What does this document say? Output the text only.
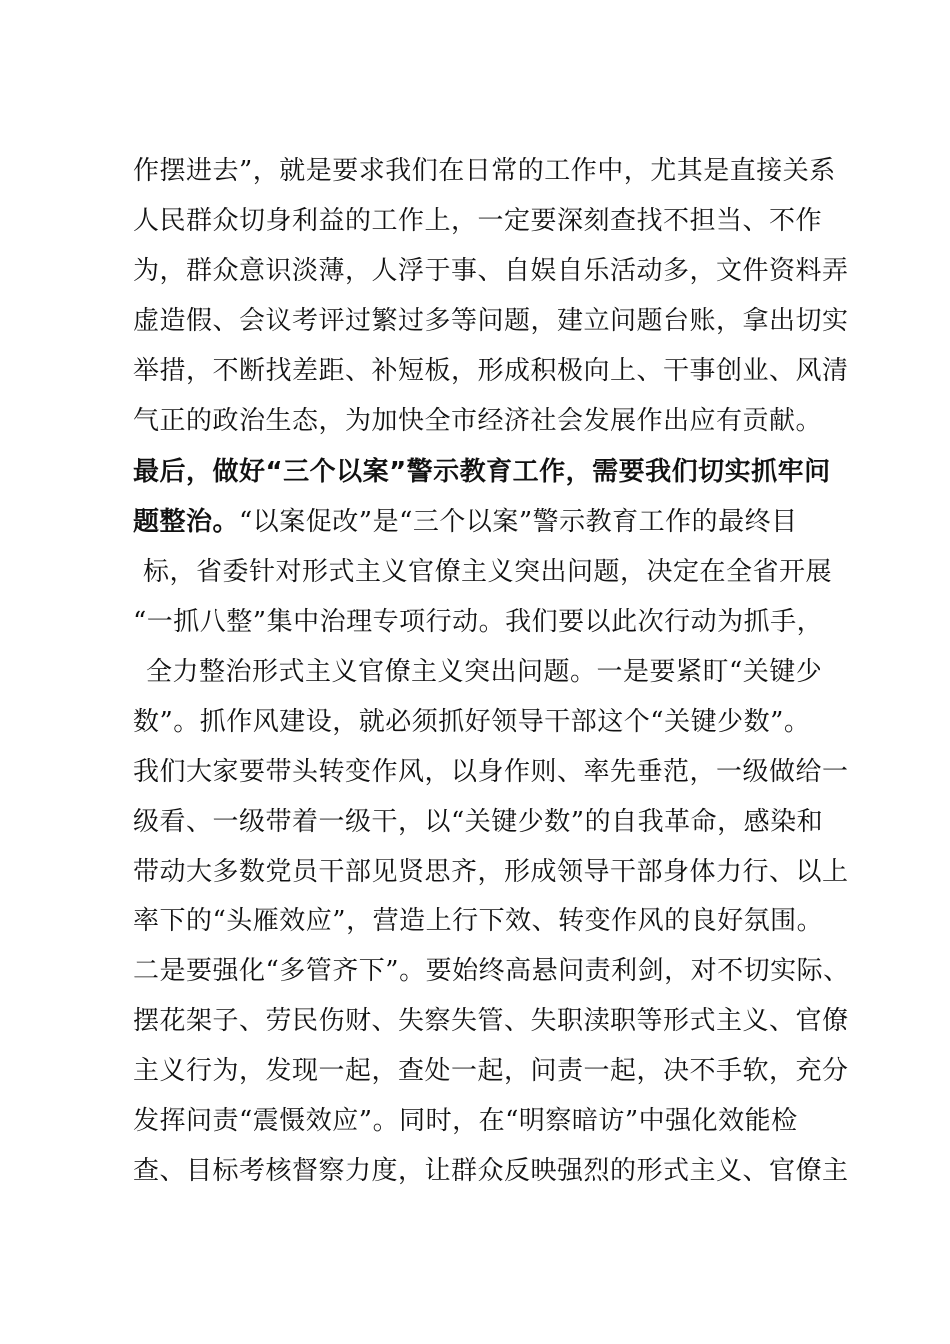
作摆进去”，就是要求我们在日常的工作中，尤其是直接关系
人民群众切身利益的工作上，一定要深刻查找不担当、不作
为，群众意识淡薄，人浮于事、自娱自乐活动多，文件资料弄
虚造假、会议考评过繁过多等问题，建立问题台账，拿出切实
举措，不断找差距、补短板，形成积极向上、干事创业、风清
气正的政治生态，为加快全市经济社会发展作出应有贡献。
最后，做好“三个以案”警示教育工作，需要我们切实抓牢问
题整治。“以案促改”是“三个以案”警示教育工作的最终目
标，省委针对形式主义官僚主义突出问题，决定在全省开展
“一抓八整”集中治理专项行动。我们要以此次行动为抓手，
全力整治形式主义官僚主义突出问题。一是要紧盯“关键少
数”。抓作风建设，就必须抓好领导干部这个“关键少数”。
我们大家要带头转变作风，以身作则、率先垂范，一级做给一
级看、一级带着一级干，以“关键少数”的自我革命，感染和
带动大多数党员干部见贤思齐，形成领导干部身体力行、以上
率下的“头雁效应”，营造上行下效、转变作风的良好氛围。
二是要强化“多管齐下”。要始终高悬问责利剑，对不切实际、
摆花架子、劳民伤财、失察失管、失职渎职等形式主义、官僚
主义行为，发现一起，查处一起，问责一起，决不手软，充分
发挥问责“震慑效应”。同时，在“明察暗访”中强化效能检
查、目标考核督察力度，让群众反映强烈的形式主义、官僚主
